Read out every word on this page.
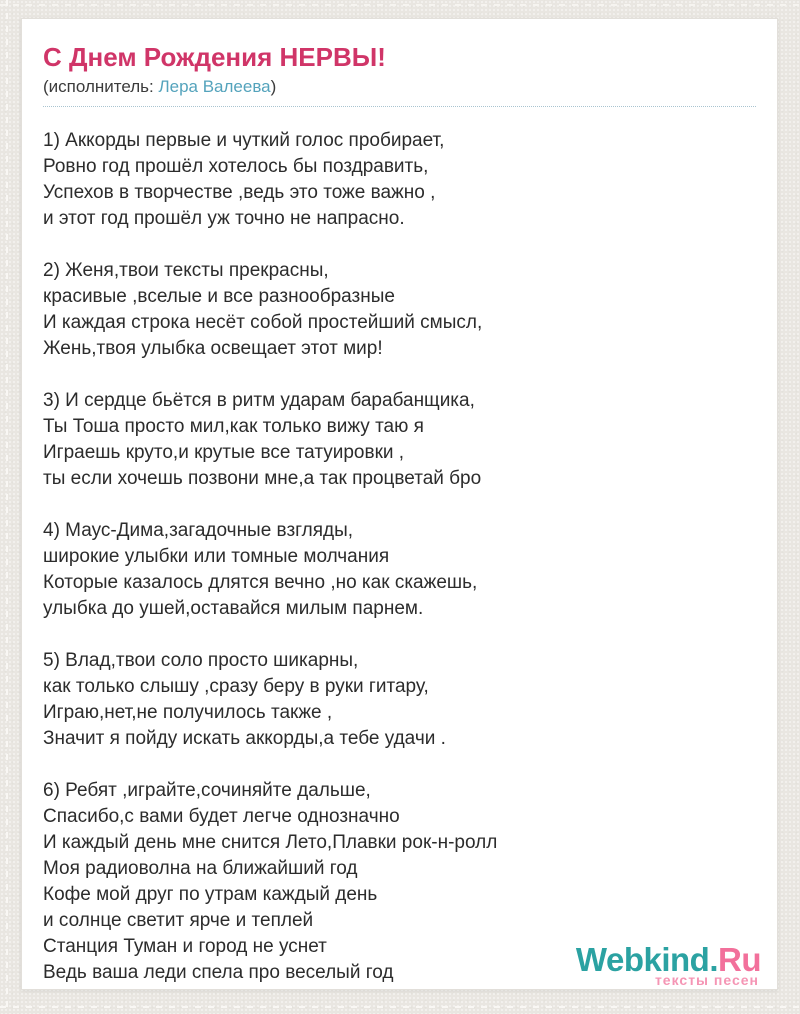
С Днем Рождения НЕРВЫ!
(исполнитель: Лера Валеева)

1) Аккорды первые и чуткий голос пробирает,
Ровно год прошёл хотелось бы поздравить,
Успехов в творчестве ,ведь это тоже важно ,
и этот год прошёл уж точно не напрасно.

2) Женя,твои тексты прекрасны,
красивые ,вселые и все разнообразные
И каждая строка несёт собой простейший смысл,
Жень,твоя улыбка освещает этот мир!

3) И сердце бьётся в ритм ударам барабанщика,
Ты Тоша просто мил,как только вижу таю я
Играешь круто,и крутые все татуировки ,
ты если хочешь позвони мне,а так процветай бро

4) Маус-Дима,загадочные взгляды,
широкие улыбки или томные молчания
Которые казалось длятся вечно ,но как скажешь,
улыбка до ушей,оставайся милым парнем.

5) Влад,твои соло просто шикарны,
как только слышу ,сразу беру в руки гитару,
Играю,нет,не получилось также ,
Значит я пойду искать аккорды,а тебе удачи .

6) Ребят ,играйте,сочиняйте дальше,
Спасибо,с вами будет легче однозначно
И каждый день мне снится Лето,Плавки рок-н-ролл
Моя радиоволна на ближайший год
Кофе мой друг по утрам каждый день
и солнце светит ярче и теплей
Станция Туман и город не уснет
Ведь ваша леди спела про веселый год	Webkind.Ru
тексты песен
